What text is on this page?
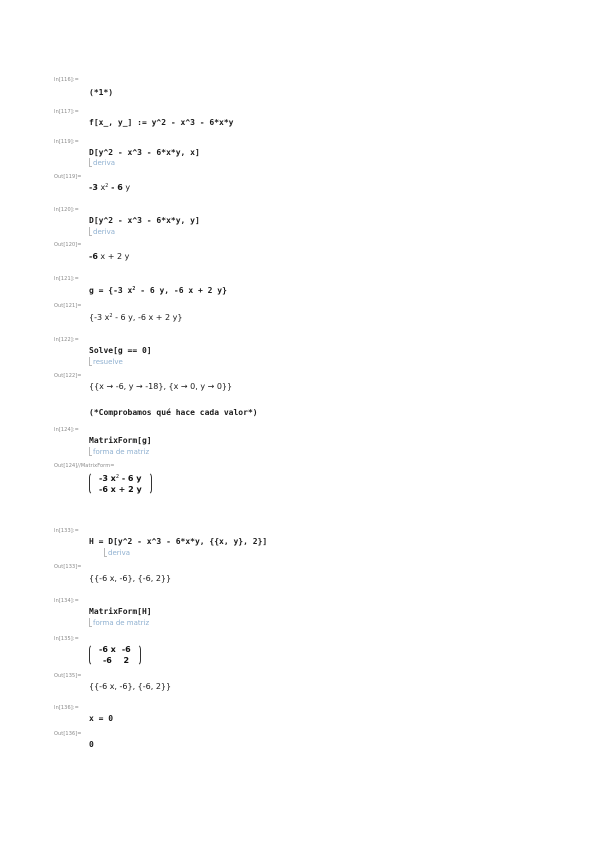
In[116]:=
(*1*)
In[117]:=
f[x_, y_] := y^2 - x^3 - 6*x*y
In[119]:=
D[y^2 - x^3 - 6*x*y, x]
deriva
Out[119]=
-3 $x^2 - 6$ y
In[120]:=
D[y^2 - x^3 - 6*x*y, y]
deriva
Out[120]=
-6 x + 2 y
In[121]:=
g = {-3 $x^2 - 6$ y, -6 x + 2 y}
Out[121]=
{-3 $x^2 - 6$ y, -6 x + 2 y}
In[122]:=
Solve[g == 0]
resuelve
Out[122]=
{{x → -6, y → -18}, {x → 0, y → 0}}
(*Comprobamos qué hace cada valor*)
In[124]:=
MatrixForm[g]
forma de matriz
Out[124]//MatrixForm=
-3 $x^2 - 6$ y
-6 x + 2 y
In[133]:=
H = D[y^2 - x^3 - 6*x*y, {{x, y}, 2}]
deriva
Out[133]=
{{-6 x, -6}, {-6, 2}}
In[134]:=
MatrixForm[H]
forma de matriz
In[135]:=
-6 x	-6
-6	2
Out[135]=
{{-6 x, -6}, {-6, 2}}
In[136]:=
x = 0
Out[136]=
0
